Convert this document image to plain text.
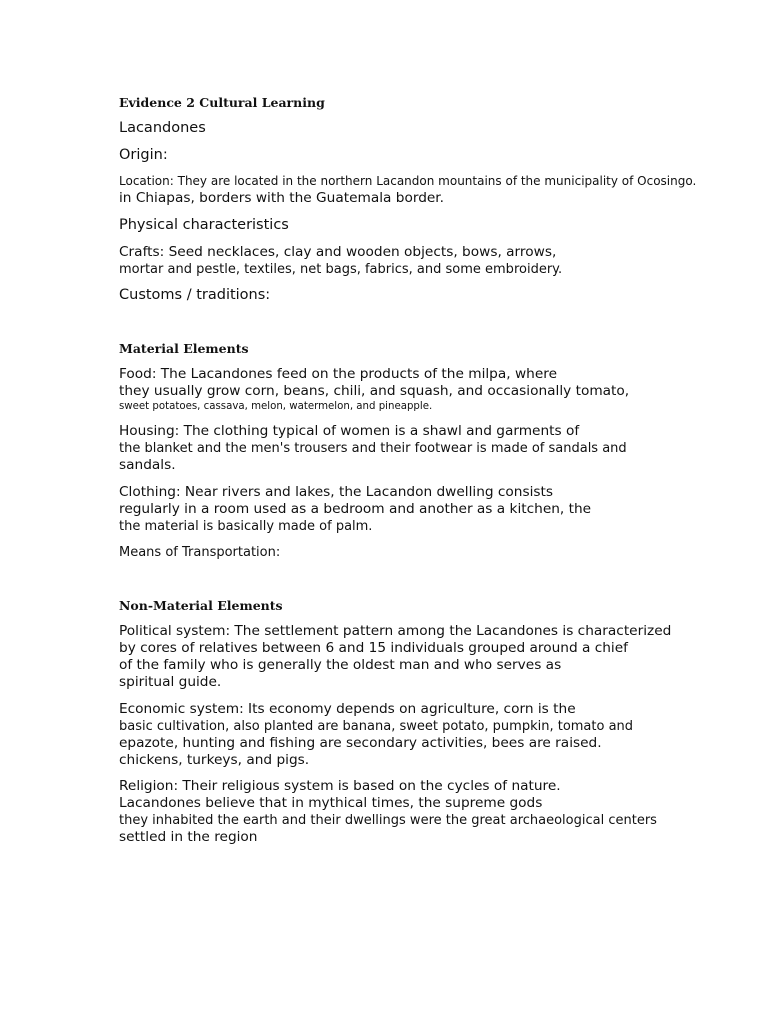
Evidence 2 Cultural Learning

Lacandones

Origin:

Location: They are located in the northern Lacandon mountains of the municipality of Ocosingo.

in Chiapas, borders with the Guatemala border.

Physical characteristics

Crafts: Seed necklaces, clay and wooden objects, bows, arrows,

mortar and pestle, textiles, net bags, fabrics, and some embroidery.

Customs / traditions:

Material Elements

Food: The Lacandones feed on the products of the milpa, where

they usually grow corn, beans, chili, and squash, and occasionally tomato,

sweet potatoes, cassava, melon, watermelon, and pineapple.

Housing: The clothing typical of women is a shawl and garments of

the blanket and the men's trousers and their footwear is made of sandals and

sandals.

Clothing: Near rivers and lakes, the Lacandon dwelling consists

regularly in a room used as a bedroom and another as a kitchen, the

the material is basically made of palm.

Means of Transportation:

Non-Material Elements

Political system: The settlement pattern among the Lacandones is characterized

by cores of relatives between 6 and 15 individuals grouped around a chief

of the family who is generally the oldest man and who serves as

spiritual guide.

Economic system: Its economy depends on agriculture, corn is the

basic cultivation, also planted are banana, sweet potato, pumpkin, tomato and

epazote, hunting and fishing are secondary activities, bees are raised.

chickens, turkeys, and pigs.

Religion: Their religious system is based on the cycles of nature.

Lacandones believe that in mythical times, the supreme gods

they inhabited the earth and their dwellings were the great archaeological centers

settled in the region
